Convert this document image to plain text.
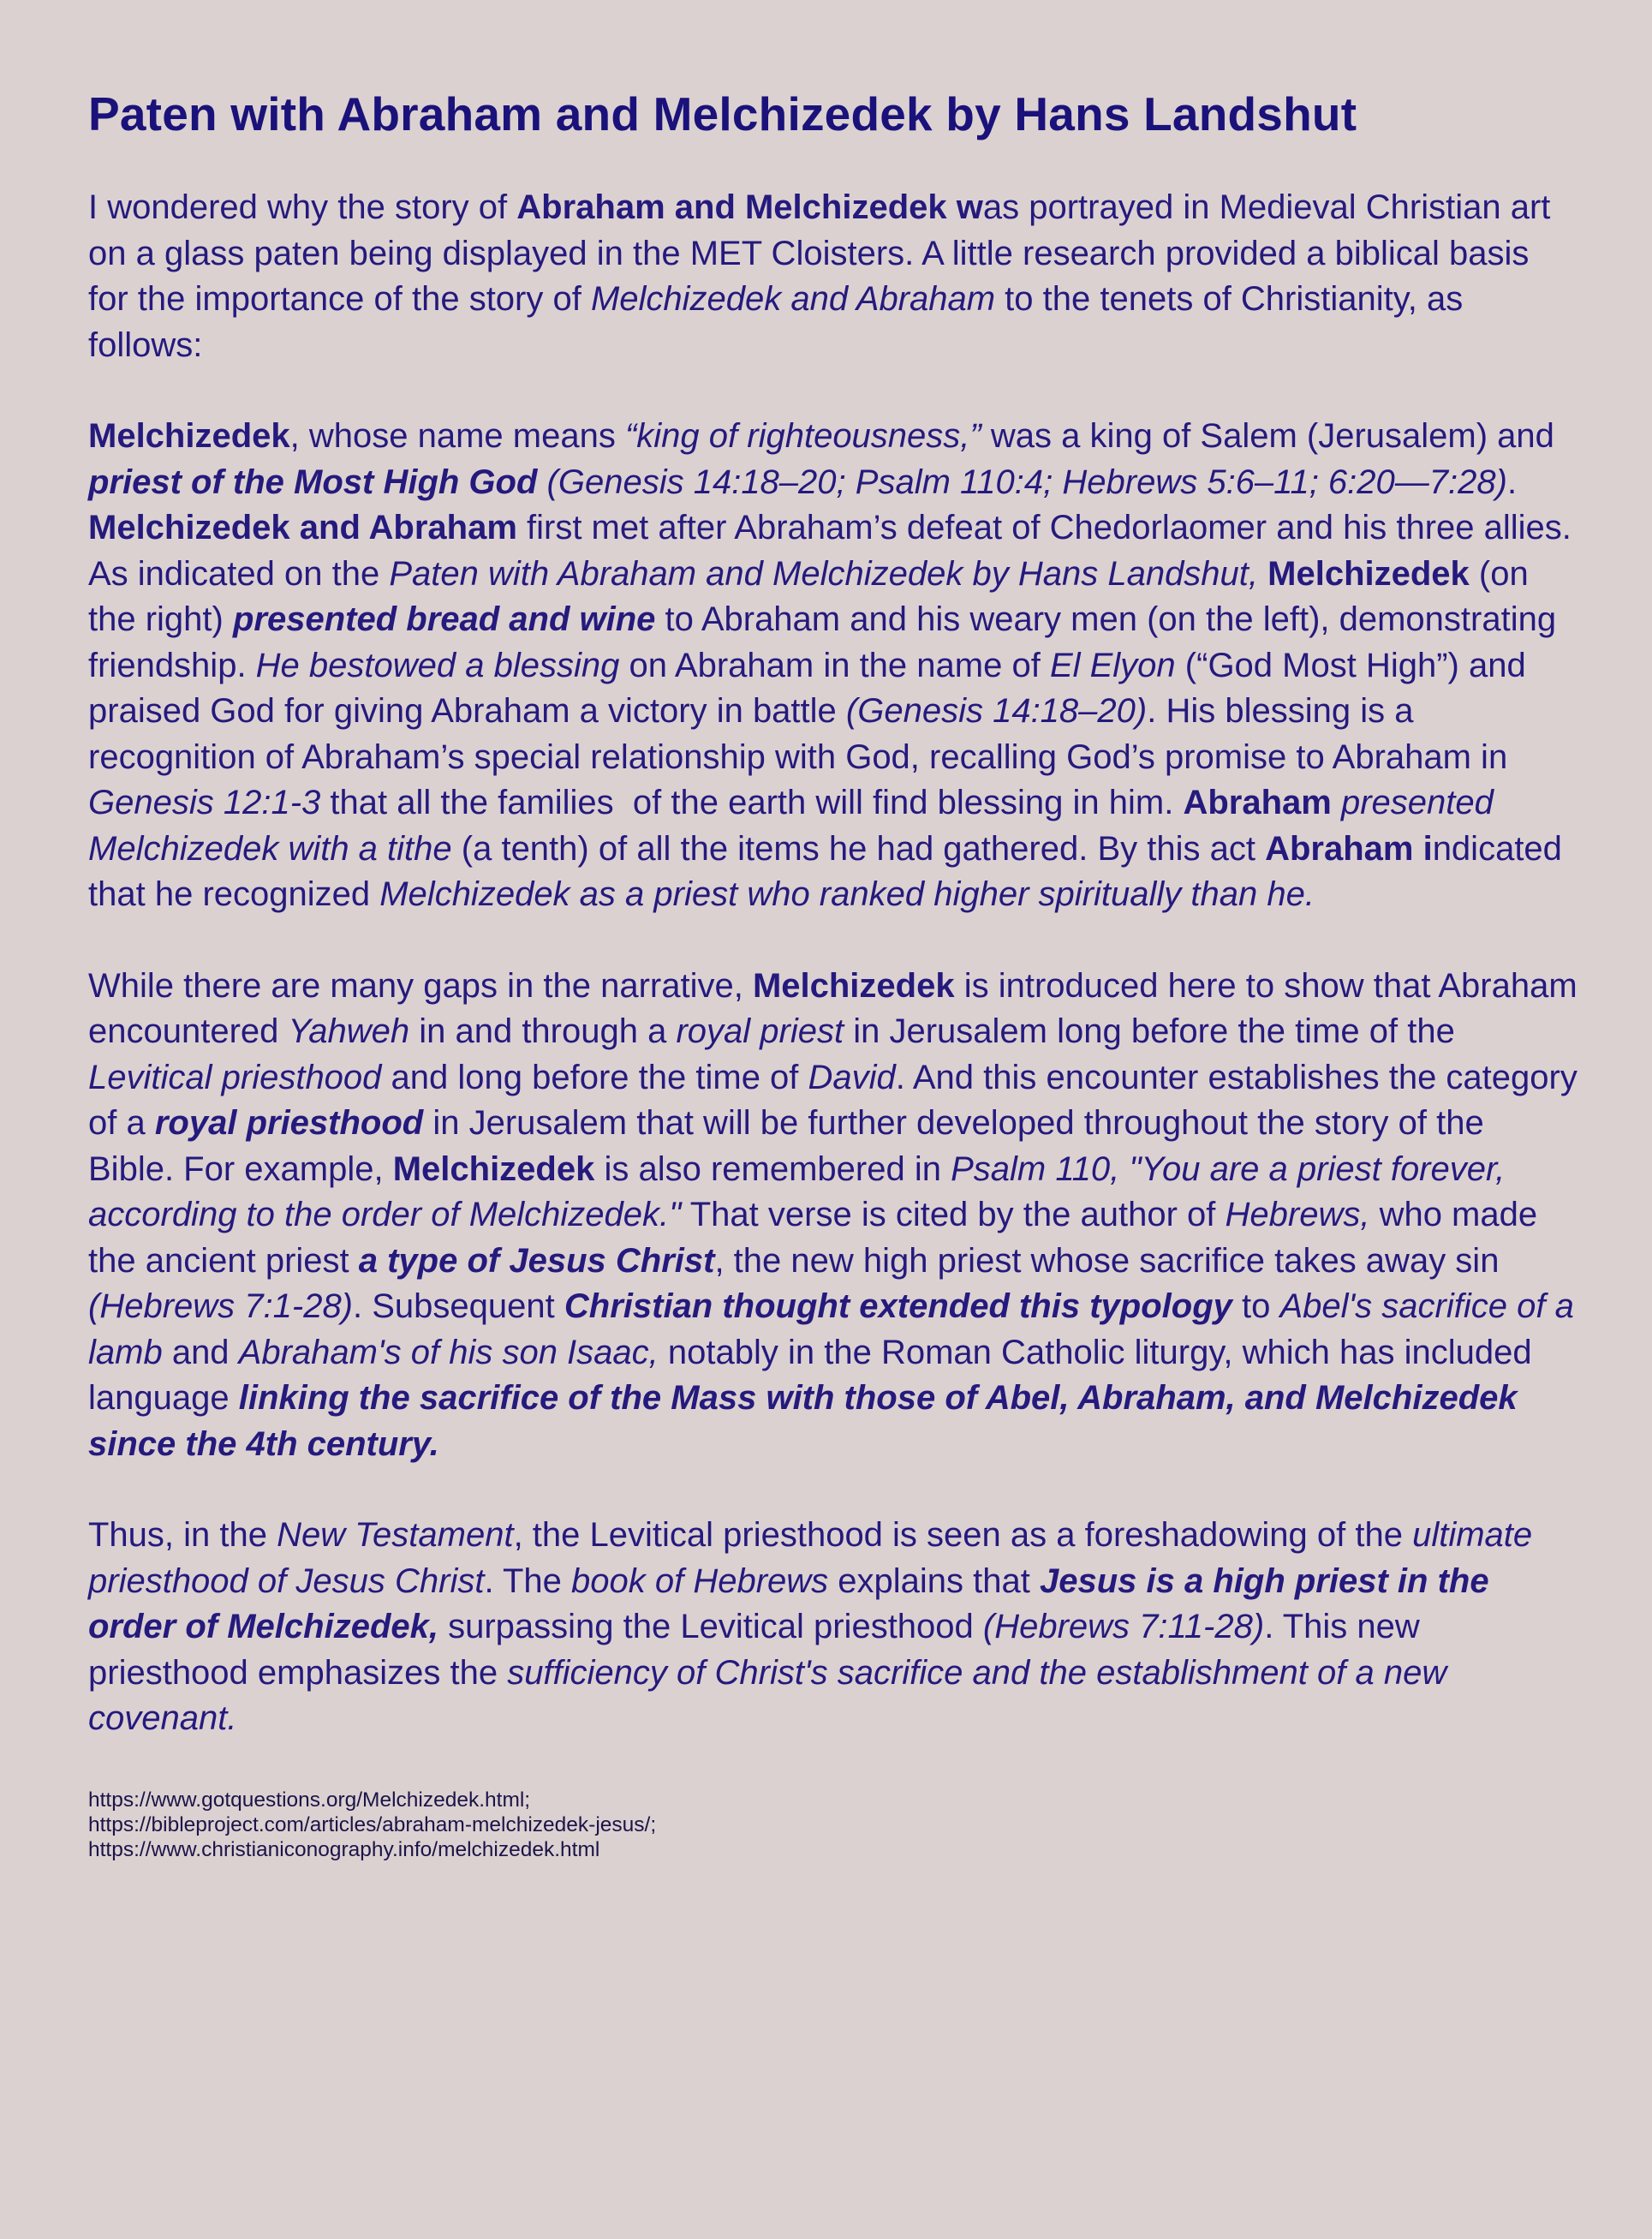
Paten with Abraham and Melchizedek by Hans Landshut

I wondered why the story of Abraham and Melchizedek was portrayed in Medieval Christian art on a glass paten being displayed in the MET Cloisters. A little research provided a biblical basis for the importance of the story of Melchizedek and Abraham to the tenets of Christianity, as follows:

Melchizedek, whose name means “king of righteousness,” was a king of Salem (Jerusalem) and priest of the Most High God (Genesis 14:18–20; Psalm 110:4; Hebrews 5:6–11; 6:20—7:28). Melchizedek and Abraham first met after Abraham’s defeat of Chedorlaomer and his three allies. As indicated on the Paten with Abraham and Melchizedek by Hans Landshut, Melchizedek (on the right) presented bread and wine to Abraham and his weary men (on the left), demonstrating friendship. He bestowed a blessing on Abraham in the name of El Elyon (“God Most High”) and praised God for giving Abraham a victory in battle (Genesis 14:18–20). His blessing is a recognition of Abraham’s special relationship with God, recalling God’s promise to Abraham in Genesis 12:1-3 that all the families  of the earth will find blessing in him. Abraham presented Melchizedek with a tithe (a tenth) of all the items he had gathered. By this act Abraham indicated that he recognized Melchizedek as a priest who ranked higher spiritually than he.

While there are many gaps in the narrative, Melchizedek is introduced here to show that Abraham encountered Yahweh in and through a royal priest in Jerusalem long before the time of the Levitical priesthood and long before the time of David. And this encounter establishes the category of a royal priesthood in Jerusalem that will be further developed throughout the story of the Bible. For example, Melchizedek is also remembered in Psalm 110, "You are a priest forever, according to the order of Melchizedek." That verse is cited by the author of Hebrews, who made the ancient priest a type of Jesus Christ, the new high priest whose sacrifice takes away sin (Hebrews 7:1-28). Subsequent Christian thought extended this typology to Abel's sacrifice of a lamb and Abraham's of his son Isaac, notably in the Roman Catholic liturgy, which has included language linking the sacrifice of the Mass with those of Abel, Abraham, and Melchizedek since the 4th century.

Thus, in the New Testament, the Levitical priesthood is seen as a foreshadowing of the ultimate priesthood of Jesus Christ. The book of Hebrews explains that Jesus is a high priest in the order of Melchizedek, surpassing the Levitical priesthood (Hebrews 7:11-28). This new priesthood emphasizes the sufficiency of Christ's sacrifice and the establishment of a new covenant.

https://www.gotquestions.org/Melchizedek.html;
https://bibleproject.com/articles/abraham-melchizedek-jesus/;
https://www.christianiconography.info/melchizedek.html
